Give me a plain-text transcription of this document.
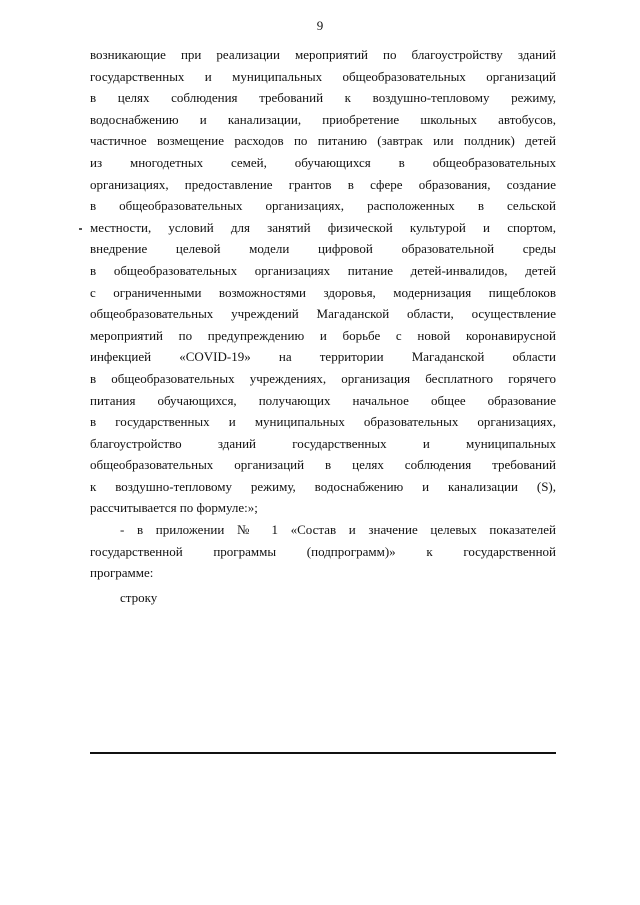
9
возникающие при реализации мероприятий по благоустройству зданий
государственных и муниципальных общеобразовательных организаций
в целях соблюдения требований к воздушно-тепловому режиму,
водоснабжению и канализации, приобретение школьных автобусов,
частичное возмещение расходов по питанию (завтрак или полдник) детей
из многодетных семей, обучающихся в общеобразовательных
организациях, предоставление грантов в сфере образования, создание
в общеобразовательных организациях, расположенных в сельской
местности, условий для занятий физической культурой и спортом,
внедрение целевой модели цифровой образовательной среды
в общеобразовательных организациях питание детей-инвалидов, детей
с ограниченными возможностями здоровья, модернизация пищеблоков
общеобразовательных учреждений Магаданской области, осуществление
мероприятий по предупреждению и борьбе с новой коронавирусной
инфекцией «COVID-19» на территории Магаданской области
в общеобразовательных учреждениях, организация бесплатного горячего
питания обучающихся, получающих начальное общее образование
в государственных и муниципальных образовательных организациях,
благоустройство зданий государственных и муниципальных
общеобразовательных организаций в целях соблюдения требований
к воздушно-тепловому режиму, водоснабжению и канализации (S),
рассчитывается по формуле:»;
- в приложении № 1 «Состав и значение целевых показателей
государственной программы (подпрограмм)» к государственной
программе:
строку
